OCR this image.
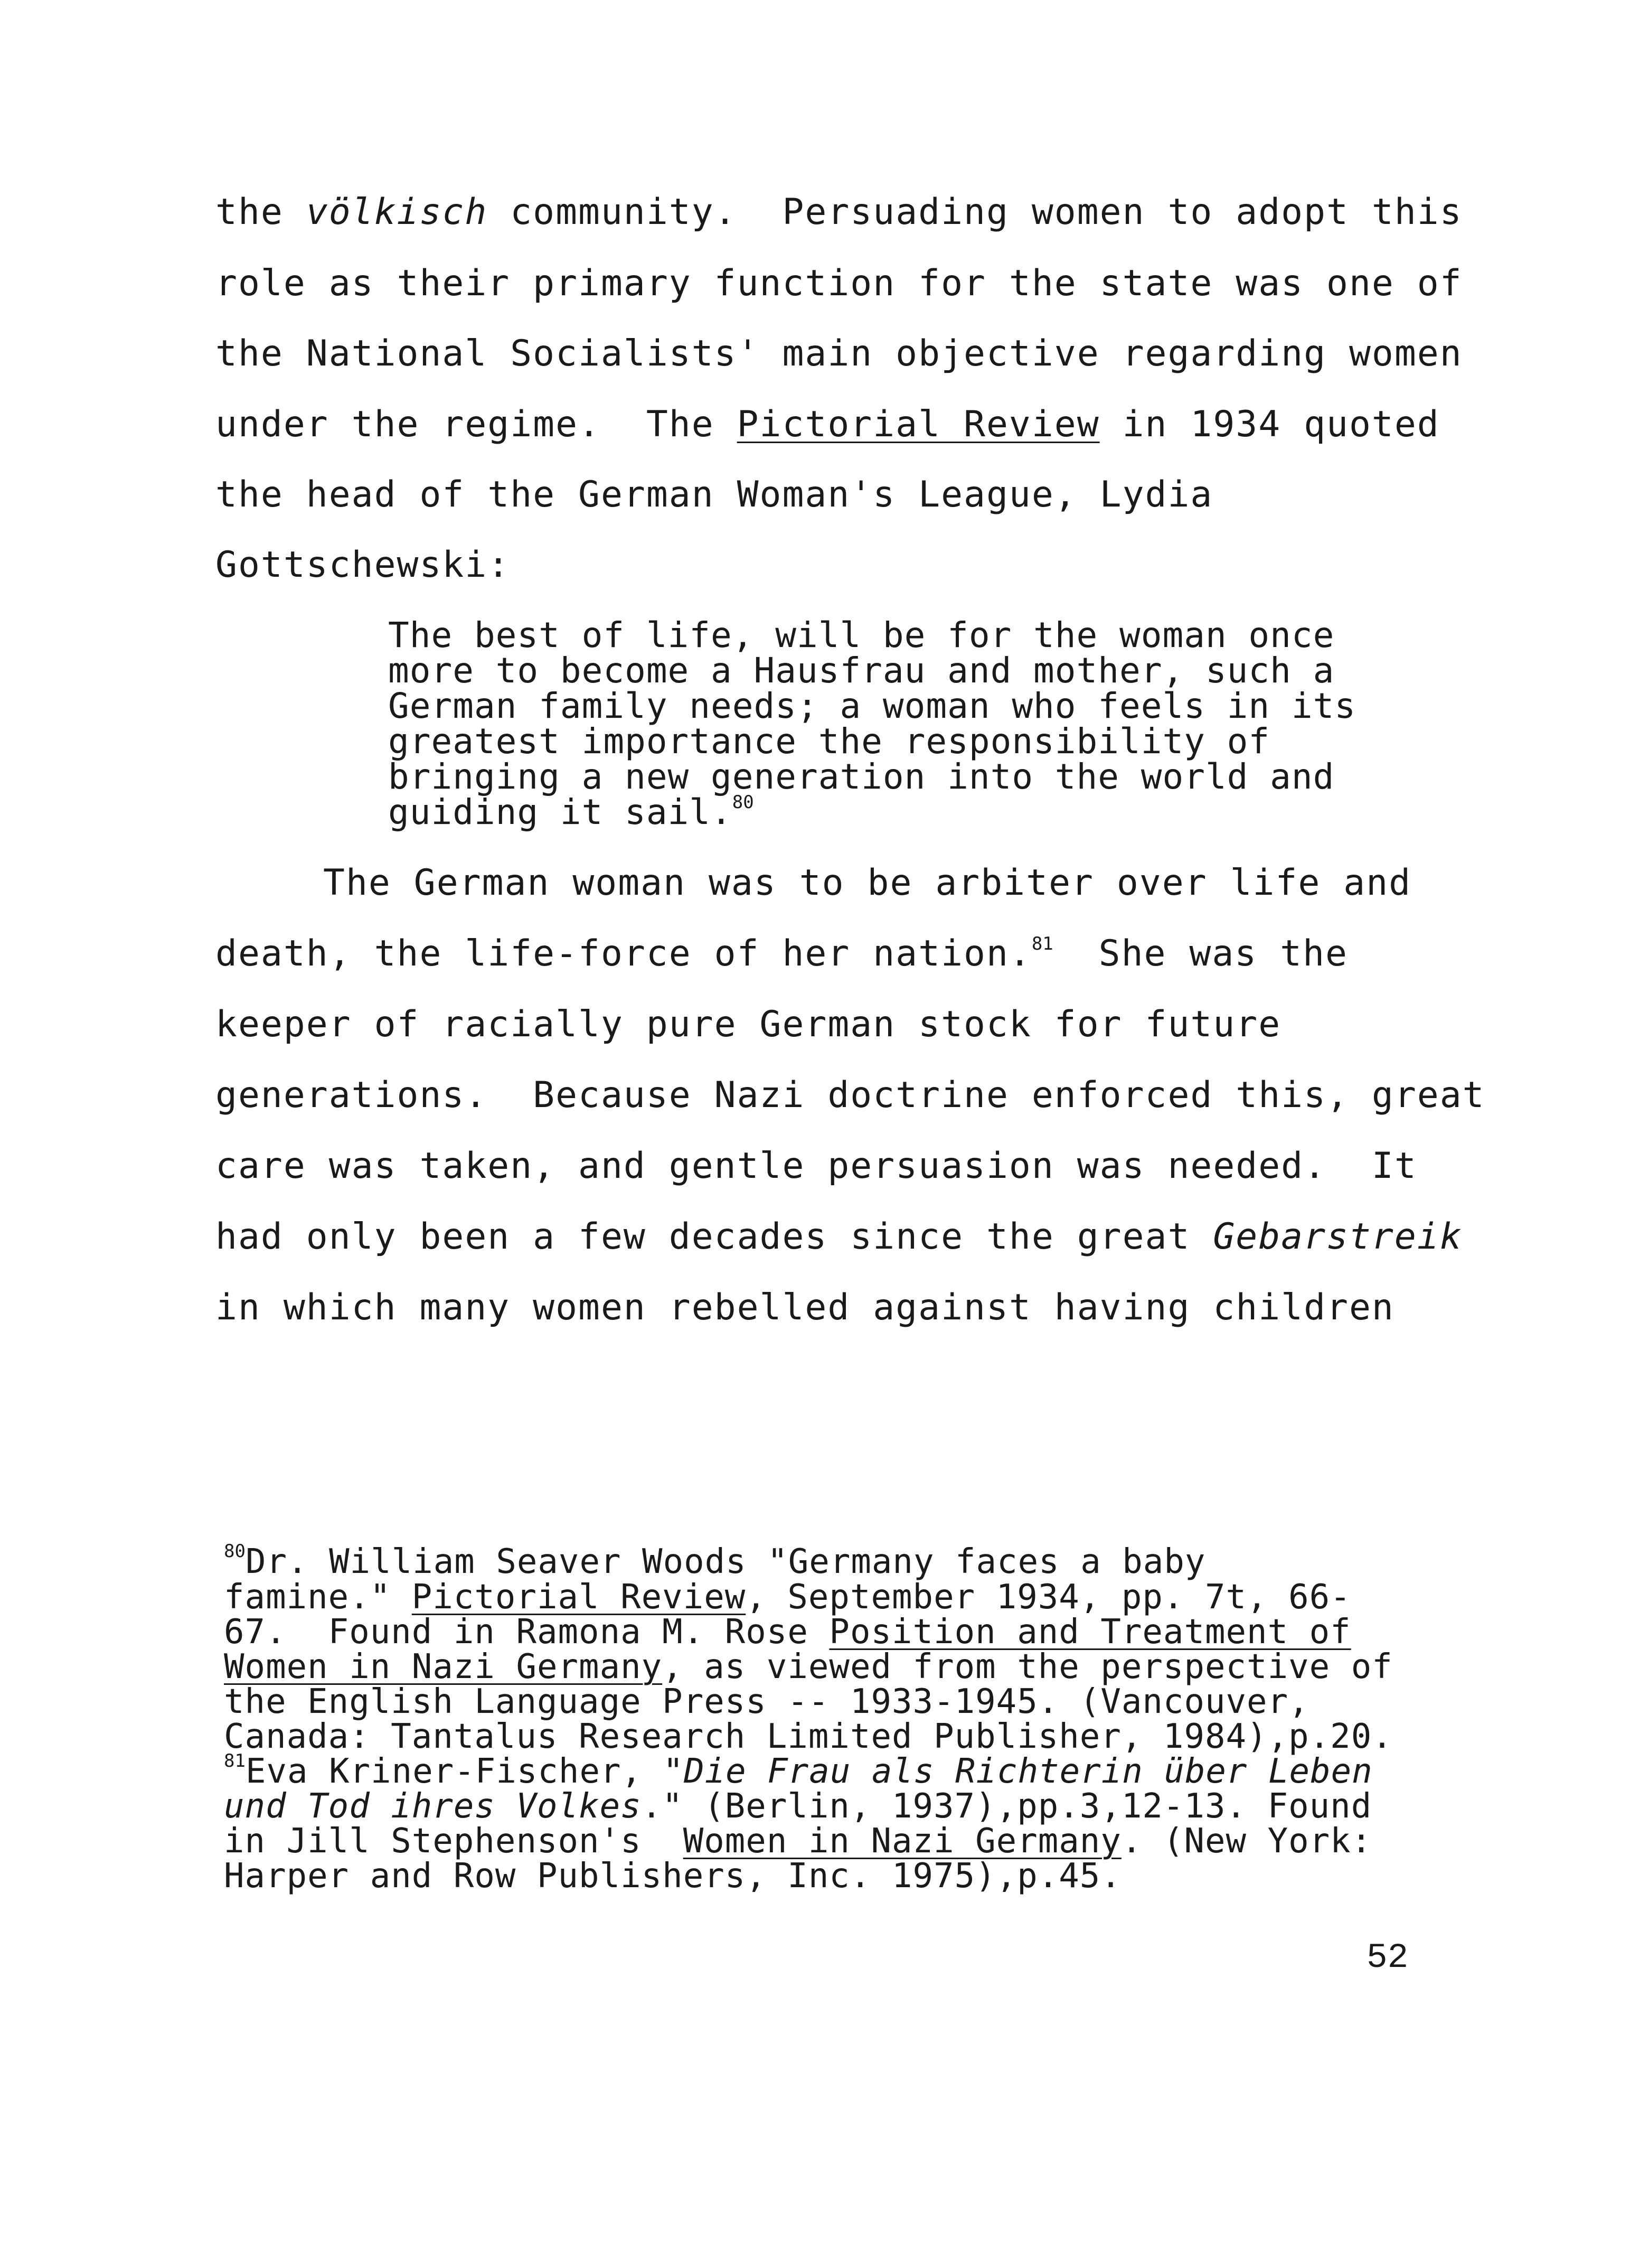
the völkisch community.  Persuading women to adopt this
role as their primary function for the state was one of
the National Socialists' main objective regarding women
under the regime.  The Pictorial Review in 1934 quoted
the head of the German Woman's League, Lydia
Gottschewski:
The best of life, will be for the woman once
more to become a Hausfrau and mother, such a
German family needs; a woman who feels in its
greatest importance the responsibility of
bringing a new generation into the world and
guiding it sail.$^{80}$
The German woman was to be arbiter over life and
death, the life-force of her nation.$^{81}$  She was the
keeper of racially pure German stock for future
generations.  Because Nazi doctrine enforced this, great
care was taken, and gentle persuasion was needed.  It
had only been a few decades since the great Gebarstreik
in which many women rebelled against having children
$^{80}$Dr. William Seaver Woods "Germany faces a baby
famine." Pictorial Review, September 1934, pp. 7t, 66-
67.  Found in Ramona M. Rose Position and Treatment of
Women in Nazi Germany, as viewed from the perspective of
the English Language Press -- 1933-1945. (Vancouver,
Canada: Tantalus Research Limited Publisher, 1984),p.20.
$^{81}$Eva Kriner-Fischer, "Die Frau als Richterin über Leben
und Tod ihres Volkes." (Berlin, 1937),pp.3,12-13. Found
in Jill Stephenson's  Women in Nazi Germany. (New York:
Harper and Row Publishers, Inc. 1975),p.45.
52
